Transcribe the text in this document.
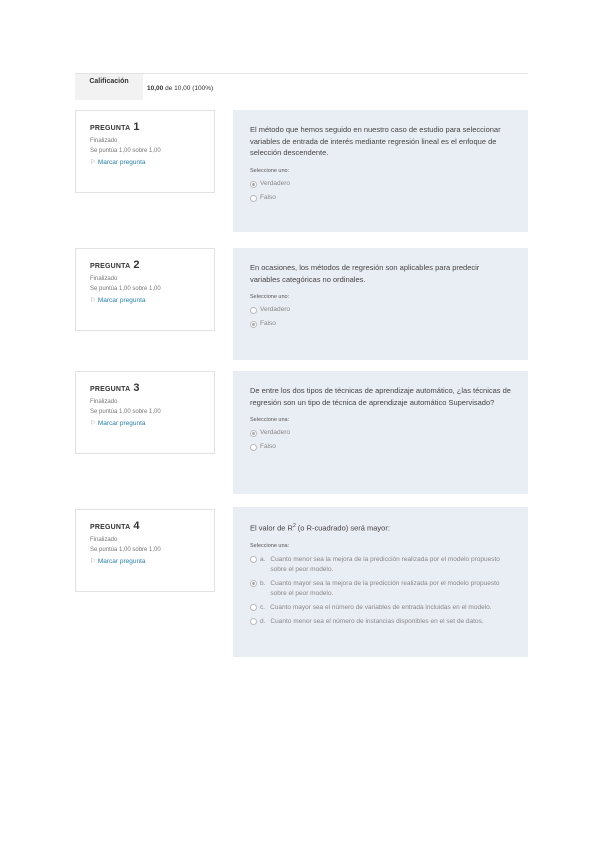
Calificación
10,00 de 10,00 (100%)
PREGUNTA 1
Finalizado
Se puntúa 1,00 sobre 1,00
⚐ Marcar pregunta
El método que hemos seguido en nuestro caso de estudio para seleccionar variables de entrada de interés mediante regresión lineal es el enfoque de selección descendente.
Seleccione uno:
Verdadero
Falso
PREGUNTA 2
Finalizado
Se puntúa 1,00 sobre 1,00
⚐ Marcar pregunta
En ocasiones, los métodos de regresión son aplicables para predecir variables categóricas no ordinales.
Seleccione uno:
Verdadero
Falso
PREGUNTA 3
Finalizado
Se puntúa 1,00 sobre 1,00
⚐ Marcar pregunta
De entre los dos tipos de técnicas de aprendizaje automático, ¿las técnicas de regresión son un tipo de técnica de aprendizaje automático Supervisado?
Seleccione una:
Verdadero
Falso
PREGUNTA 4
Finalizado
Se puntúa 1,00 sobre 1,00
⚐ Marcar pregunta
El valor de $R^2$ (o R-cuadrado) será mayor:
Seleccione una:
a. Cuanto menor sea la mejora de la predicción realizada por el modelo propuesto sobre el peor modelo.
b. Cuanto mayor sea la mejora de la predicción realizada por el modelo propuesto sobre el peor modelo.
c. Cuanto mayor sea el número de variables de entrada incluidas en el modelo.
d. Cuanto menor sea el número de instancias disponibles en el set de datos.
